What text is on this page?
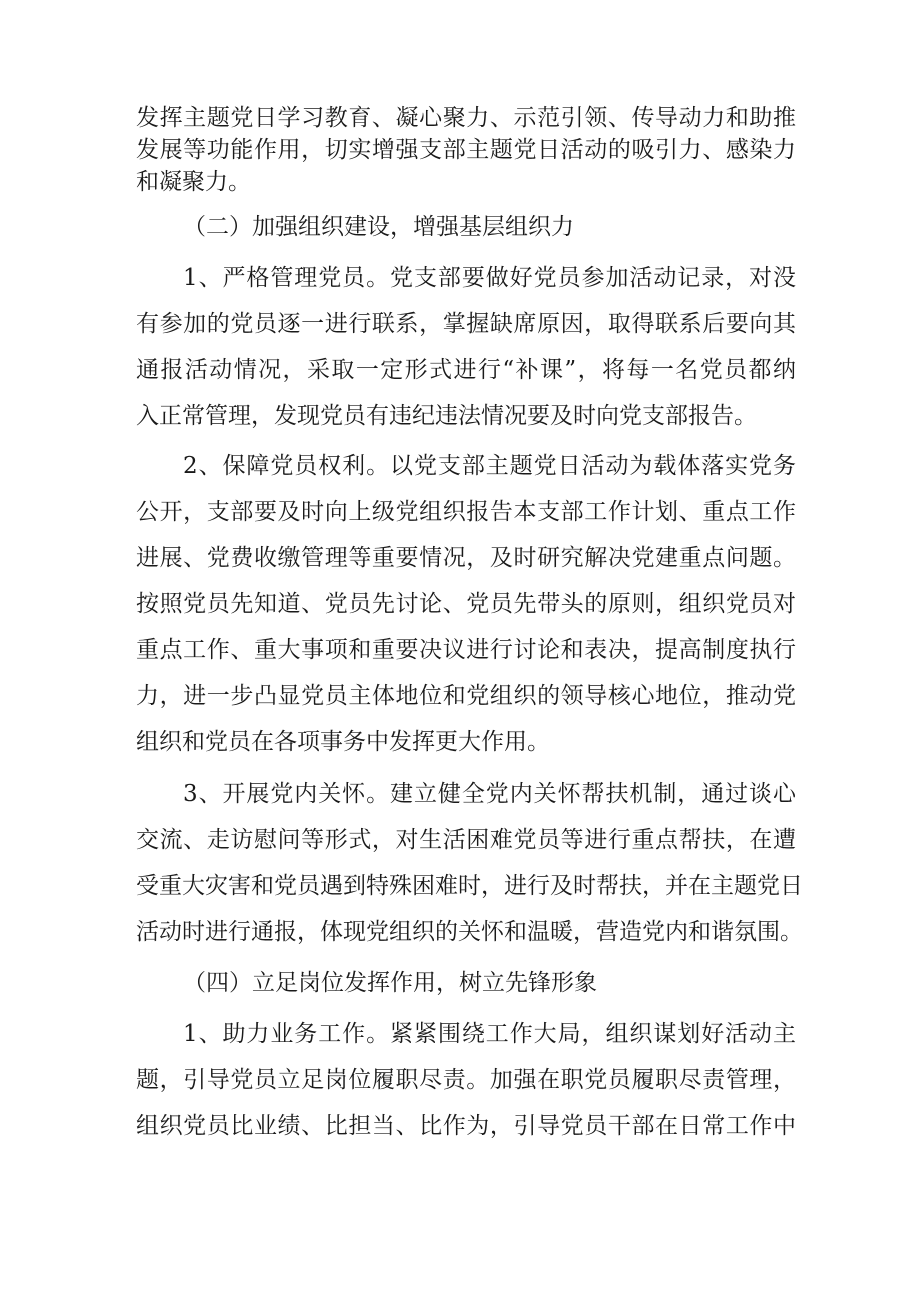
发挥主题党日学习教育、凝心聚力、示范引领、传导动力和助推
发展等功能作用，切实增强支部主题党日活动的吸引力、感染力
和凝聚力。
（二）加强组织建设，增强基层组织力
1、严格管理党员。党支部要做好党员参加活动记录，对没
有参加的党员逐一进行联系，掌握缺席原因，取得联系后要向其
通报活动情况，采取一定形式进行“补课”，将每一名党员都纳
入正常管理，发现党员有违纪违法情况要及时向党支部报告。
2、保障党员权利。以党支部主题党日活动为载体落实党务
公开，支部要及时向上级党组织报告本支部工作计划、重点工作
进展、党费收缴管理等重要情况，及时研究解决党建重点问题。
按照党员先知道、党员先讨论、党员先带头的原则，组织党员对
重点工作、重大事项和重要决议进行讨论和表决，提高制度执行
力，进一步凸显党员主体地位和党组织的领导核心地位，推动党
组织和党员在各项事务中发挥更大作用。
3、开展党内关怀。建立健全党内关怀帮扶机制，通过谈心
交流、走访慰问等形式，对生活困难党员等进行重点帮扶，在遭
受重大灾害和党员遇到特殊困难时，进行及时帮扶，并在主题党日
活动时进行通报，体现党组织的关怀和温暖，营造党内和谐氛围。
（四）立足岗位发挥作用，树立先锋形象
1、助力业务工作。紧紧围绕工作大局，组织谋划好活动主
题，引导党员立足岗位履职尽责。加强在职党员履职尽责管理，
组织党员比业绩、比担当、比作为，引导党员干部在日常工作中
